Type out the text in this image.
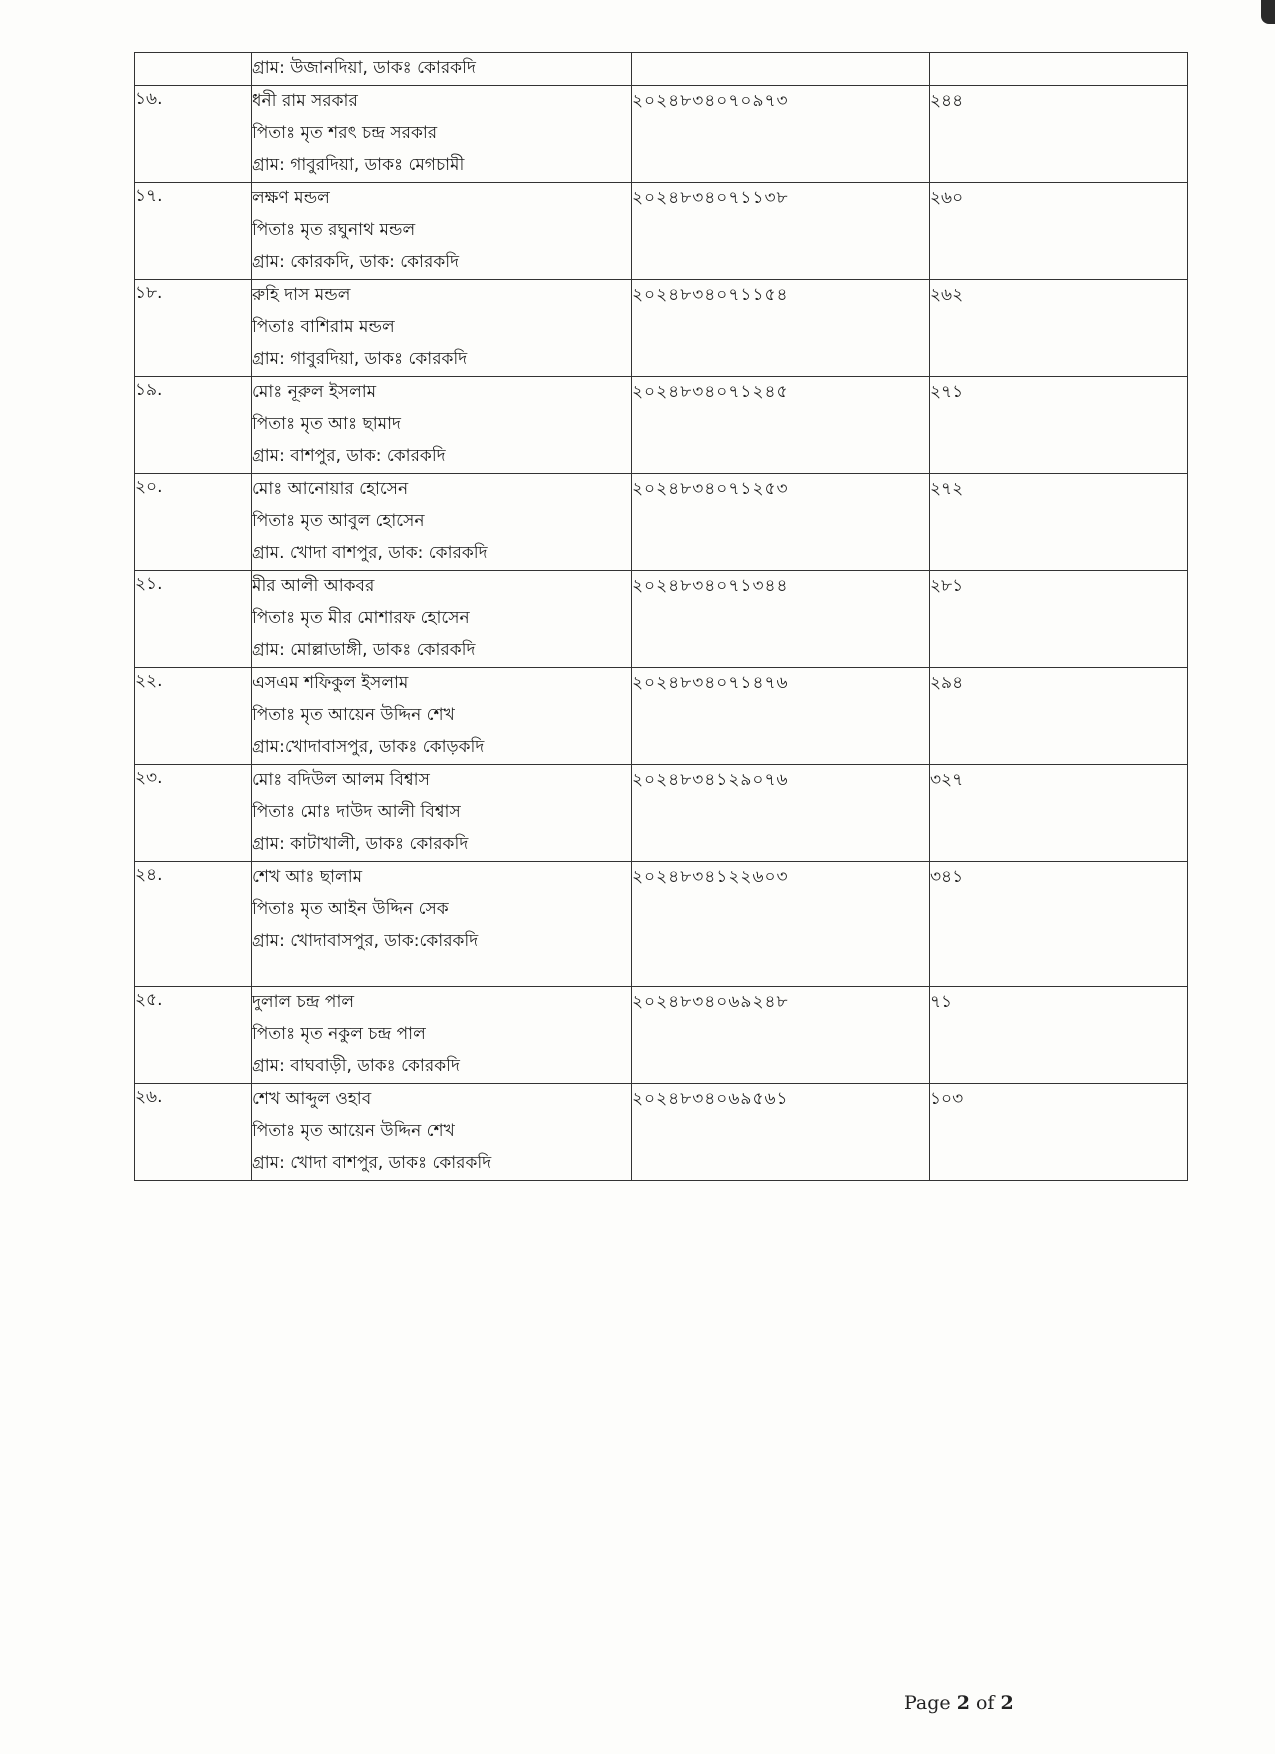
	গ্রাম: উজানদিয়া, ডাকঃ কোরকদি		

১৬.	ধনী রাম সরকার
পিতাঃ মৃত শরৎ চন্দ্র সরকার
গ্রাম: গাবুরদিয়া, ডাকঃ মেগচামী	২০২৪৮৩৪০৭০৯৭৩	২৪৪

১৭.	লক্ষণ মন্ডল
পিতাঃ মৃত রঘুনাথ মন্ডল
গ্রাম: কোরকদি, ডাক: কোরকদি	২০২৪৮৩৪০৭১১৩৮	২৬০

১৮.	রুহি দাস মন্ডল
পিতাঃ বাশিরাম মন্ডল
গ্রাম: গাবুরদিয়া, ডাকঃ কোরকদি	২০২৪৮৩৪০৭১১৫৪	২৬২

১৯.	মোঃ নূরুল ইসলাম
পিতাঃ মৃত আঃ ছামাদ
গ্রাম: বাশপুর, ডাক: কোরকদি	২০২৪৮৩৪০৭১২৪৫	২৭১

২০.	মোঃ আনোয়ার হোসেন
পিতাঃ মৃত আবুল হোসেন
গ্রাম. খোদা বাশপুর, ডাক: কোরকদি	২০২৪৮৩৪০৭১২৫৩	২৭২

২১.	মীর আলী আকবর
পিতাঃ মৃত মীর মোশারফ হোসেন
গ্রাম: মোল্লাডাঙ্গী, ডাকঃ কোরকদি	২০২৪৮৩৪০৭১৩৪৪	২৮১

২২.	এসএম শফিকুল ইসলাম
পিতাঃ মৃত আয়েন উদ্দিন শেখ
গ্রাম:খোদাবাসপুর, ডাকঃ কোড়কদি	২০২৪৮৩৪০৭১৪৭৬	২৯৪

২৩.	মোঃ বদিউল আলম বিশ্বাস
পিতাঃ মোঃ দাউদ আলী বিশ্বাস
গ্রাম: কাটাখালী, ডাকঃ কোরকদি	২০২৪৮৩৪১২৯০৭৬	৩২৭

২৪.	শেখ আঃ ছালাম
পিতাঃ মৃত আইন উদ্দিন সেক
গ্রাম: খোদাবাসপুর, ডাক:কোরকদি	২০২৪৮৩৪১২২৬০৩	৩৪১

২৫.	দুলাল চন্দ্র পাল
পিতাঃ মৃত নকুল চন্দ্র পাল
গ্রাম: বাঘবাড়ী, ডাকঃ কোরকদি	২০২৪৮৩৪০৬৯২৪৮	৭১

২৬.	শেখ আব্দুল ওহাব
পিতাঃ মৃত আয়েন উদ্দিন শেখ
গ্রাম: খোদা বাশপুর, ডাকঃ কোরকদি	২০২৪৮৩৪০৬৯৫৬১	১০৩
Page 2 of 2
